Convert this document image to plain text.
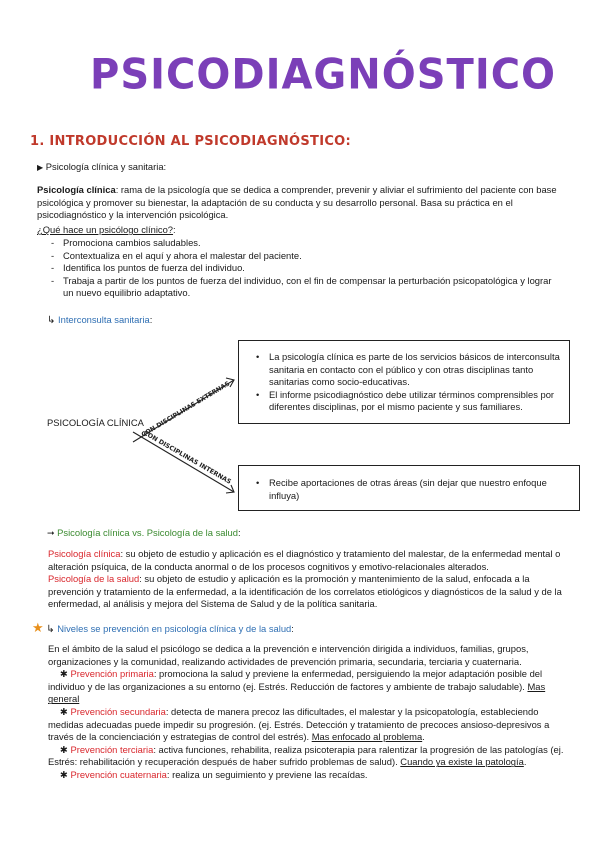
PSICODIAGNÓSTICO
1. INTRODUCCIÓN AL PSICODIAGNÓSTICO:
▶ Psicología clínica y sanitaria:
Psicología clínica: rama de la psicología que se dedica a comprender, prevenir y aliviar el sufrimiento del paciente con base psicológica y promover su bienestar, la adaptación de su conducta y su desarrollo personal. Basa su práctica en el psicodiagnóstico y la intervención psicológica.
¿Qué hace un psicólogo clínico?:
- Promociona cambios saludables.
- Contextualiza en el aquí y ahora el malestar del paciente.
- Identifica los puntos de fuerza del individuo.
- Trabaja a partir de los puntos de fuerza del individuo, con el fin de compensar la perturbación psicopatológica y lograr un nuevo equilibrio adaptativo.
↳ Interconsulta sanitaria:
CON DISCIPLINAS EXTERNAS
CON DISCIPLINAS INTERNAS
PSICOLOGÍA CLÍNICA
• La psicología clínica es parte de los servicios básicos de interconsulta sanitaria en contacto con el público y con otras disciplinas tanto sanitarias como socio-educativas.
• El informe psicodiagnóstico debe utilizar términos comprensibles por diferentes disciplinas, por el mismo paciente y sus familiares.
• Recibe aportaciones de otras áreas (sin dejar que nuestro enfoque influya)
➞ Psicología clínica vs. Psicología de la salud:
Psicología clínica: su objeto de estudio y aplicación es el diagnóstico y tratamiento del malestar, de la enfermedad mental o alteración psíquica, de la conducta anormal o de los procesos cognitivos y emotivo-relacionales alterados.
Psicología de la salud: su objeto de estudio y aplicación es la promoción y mantenimiento de la salud, enfocada a la prevención y tratamiento de la enfermedad, a la identificación de los correlatos etiológicos y diagnósticos de la salud y de la enfermedad, al análisis y mejora del Sistema de Salud y de la política sanitaria.
★ ↳ Niveles se prevención en psicología clínica y de la salud:
En el ámbito de la salud el psicólogo se dedica a la prevención e intervención dirigida a individuos, familias, grupos, organizaciones y la comunidad, realizando actividades de prevención primaria, secundaria, terciaria y cuaternaria.
✱ Prevención primaria: promociona la salud y previene la enfermedad, persiguiendo la mejor adaptación posible del individuo y de las organizaciones a su entorno (ej. Estrés. Reducción de factores y ambiente de trabajo saludable). Mas general
✱ Prevención secundaria: detecta de manera precoz las dificultades, el malestar y la psicopatología, estableciendo medidas adecuadas puede impedir su progresión. (ej. Estrés. Detección y tratamiento de precoces ansioso-depresivos a través de la concienciación y estrategias de control del estrés). Mas enfocado al problema.
✱ Prevención terciaria: activa funciones, rehabilita, realiza psicoterapia para ralentizar la progresión de las patologías (ej. Estrés: rehabilitación y recuperación después de haber sufrido problemas de salud). Cuando ya existe la patología.
✱ Prevención cuaternaria: realiza un seguimiento y previene las recaídas.
